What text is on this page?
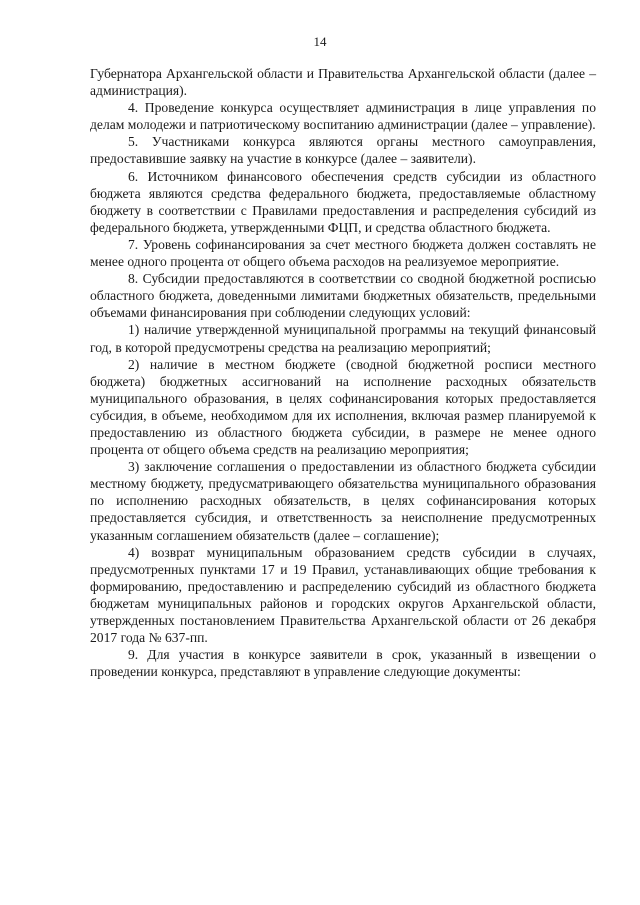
14

Губернатора Архангельской области и Правительства Архангельской области (далее – администрация).

4. Проведение конкурса осуществляет администрация в лице управления по делам молодежи и патриотическому воспитанию администрации (далее – управление).

5. Участниками конкурса являются органы местного самоуправления, предоставившие заявку на участие в конкурсе (далее – заявители).

6. Источником финансового обеспечения средств субсидии из областного бюджета являются средства федерального бюджета, предоставляемые областному бюджету в соответствии с Правилами предоставления и распределения субсидий из федерального бюджета, утвержденными ФЦП, и средства областного бюджета.

7. Уровень софинансирования за счет местного бюджета должен составлять не менее одного процента от общего объема расходов на реализуемое мероприятие.

8. Субсидии предоставляются в соответствии со сводной бюджетной росписью областного бюджета, доведенными лимитами бюджетных обязательств, предельными объемами финансирования при соблюдении следующих условий:

1) наличие утвержденной муниципальной программы на текущий финансовый год, в которой предусмотрены средства на реализацию мероприятий;

2) наличие в местном бюджете (сводной бюджетной росписи местного бюджета) бюджетных ассигнований на исполнение расходных обязательств муниципального образования, в целях софинансирования которых предоставляется субсидия, в объеме, необходимом для их исполнения, включая размер планируемой к предоставлению из областного бюджета субсидии, в размере не менее одного процента от общего объема средств на реализацию мероприятия;

3) заключение соглашения о предоставлении из областного бюджета субсидии местному бюджету, предусматривающего обязательства муниципального образования по исполнению расходных обязательств, в целях софинансирования которых предоставляется субсидия, и ответственность за неисполнение предусмотренных указанным соглашением обязательств (далее – соглашение);

4) возврат муниципальным образованием средств субсидии в случаях, предусмотренных пунктами 17 и 19 Правил, устанавливающих общие требования к формированию, предоставлению и распределению субсидий из областного бюджета бюджетам муниципальных районов и городских округов Архангельской области, утвержденных постановлением Правительства Архангельской области от 26 декабря 2017 года № 637-пп.

9. Для участия в конкурсе заявители в срок, указанный в извещении о проведении конкурса, представляют в управление следующие документы:
